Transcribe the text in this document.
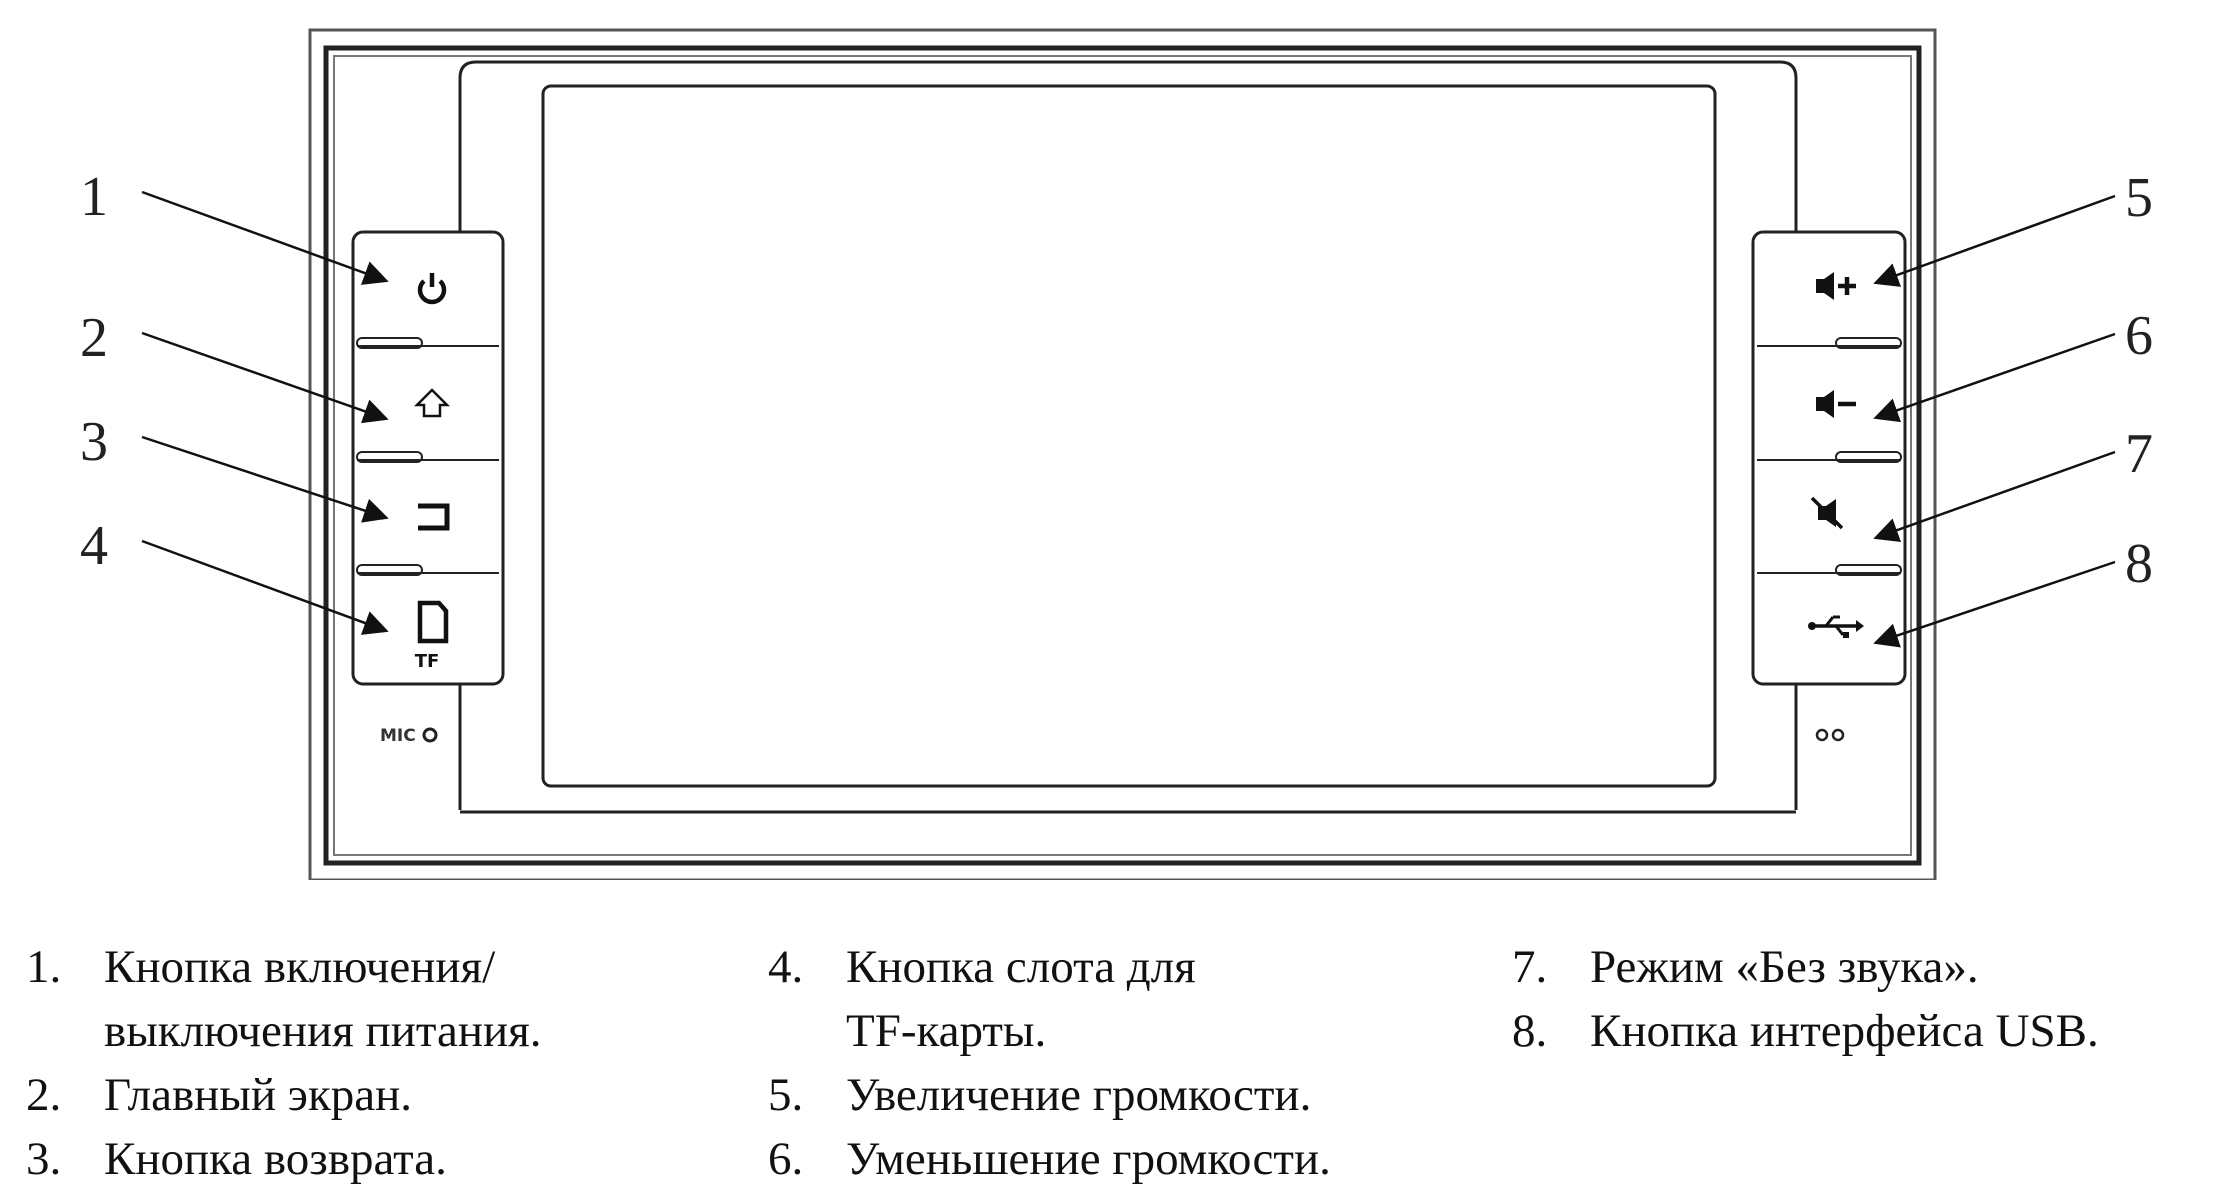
TF
MIC
1
2
3
4
5
6
7
8
1. Кнопка включения/
выключения питания.
2. Главный экран.
3. Кнопка возврата.
4. Кнопка слота для
TF-карты.
5. Увеличение громкости.
6. Уменьшение громкости.
7. Режим «Без звука».
8. Кнопка интерфейса USB.
